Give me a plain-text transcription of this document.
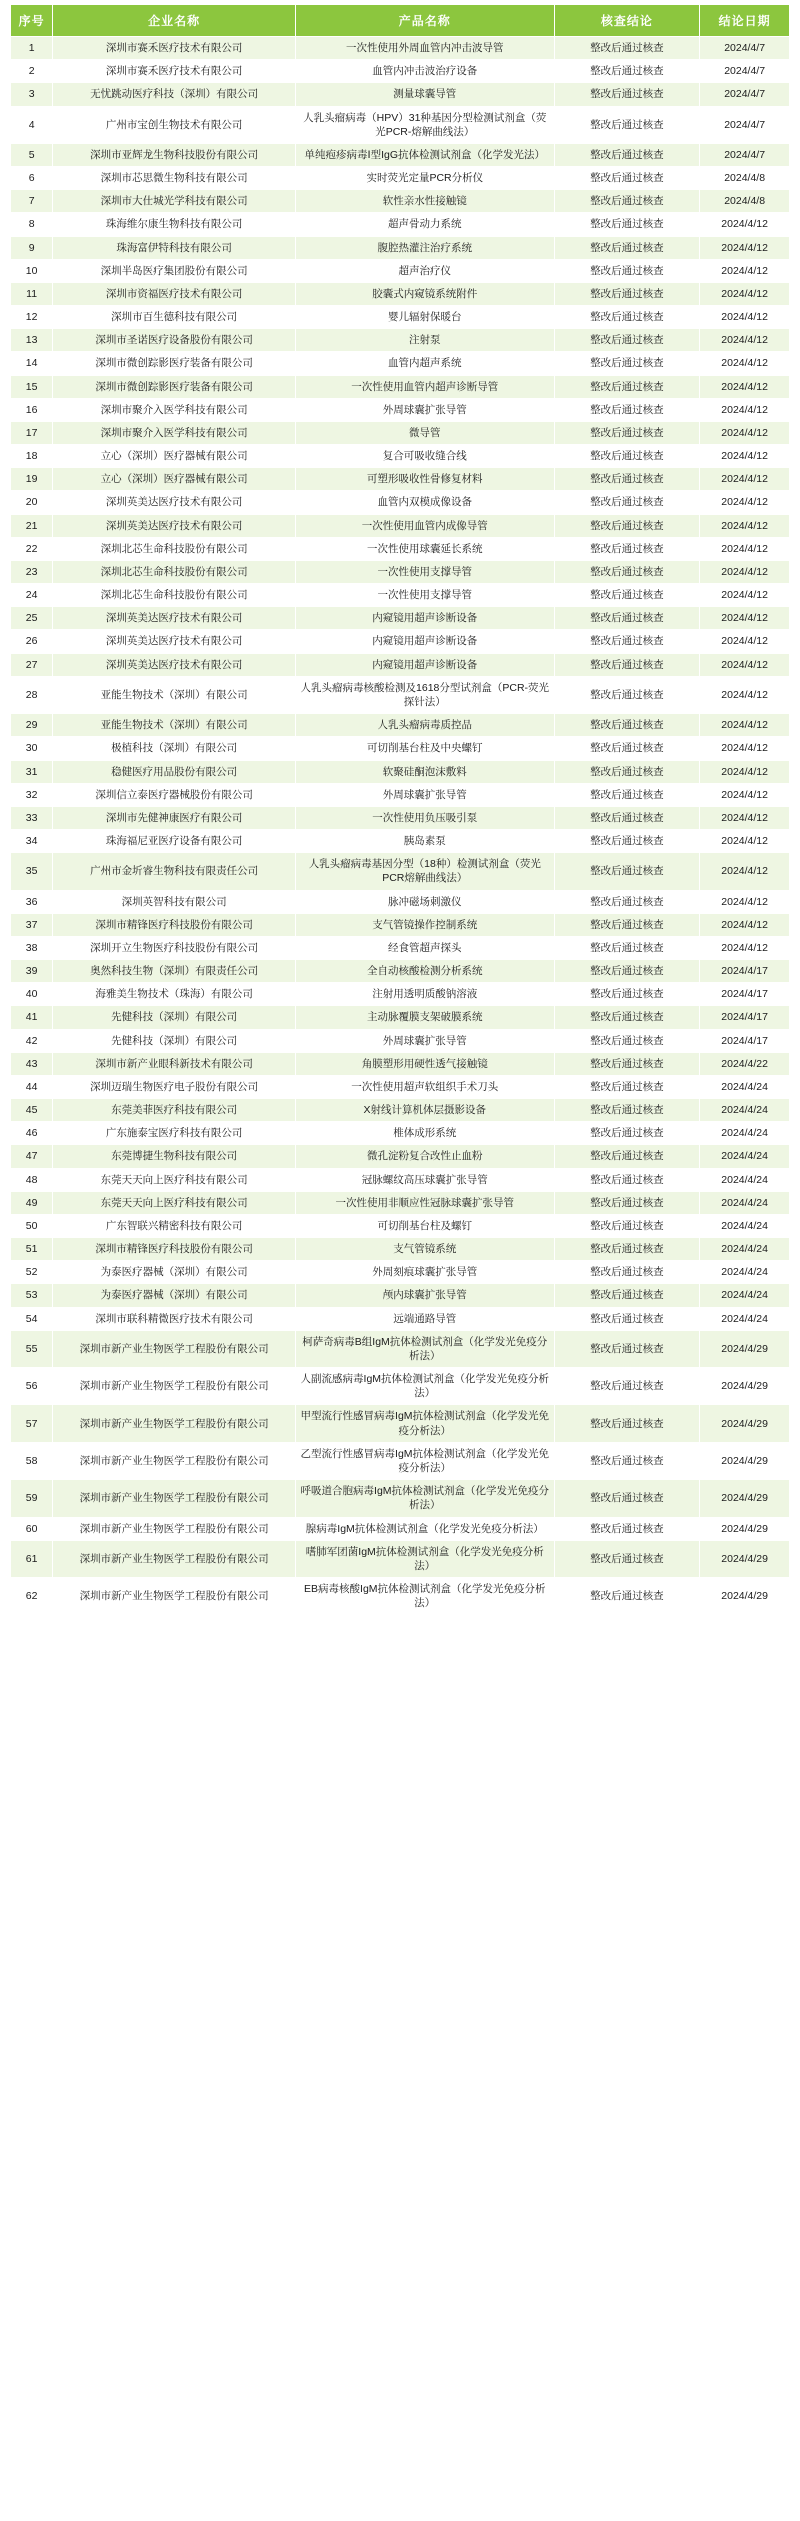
序号	企业名称	产品名称	核查结论	结论日期
1	深圳市赛禾医疗技术有限公司	一次性使用外周血管内冲击波导管	整改后通过核查	2024/4/7
2	深圳市赛禾医疗技术有限公司	血管内冲击波治疗设备	整改后通过核查	2024/4/7
3	无忧跳动医疗科技（深圳）有限公司	测量球囊导管	整改后通过核查	2024/4/7
4	广州市宝创生物技术有限公司	人乳头瘤病毒（HPV）31种基因分型检测试剂盒（荧光PCR-熔解曲线法）	整改后通过核查	2024/4/7
5	深圳市亚辉龙生物科技股份有限公司	单纯疱疹病毒Ⅰ型IgG抗体检测试剂盒（化学发光法）	整改后通过核查	2024/4/7
6	深圳市芯思微生物科技有限公司	实时荧光定量PCR分析仪	整改后通过核查	2024/4/8
7	深圳市大仕城光学科技有限公司	软性亲水性接触镜	整改后通过核查	2024/4/8
8	珠海维尔康生物科技有限公司	超声骨动力系统	整改后通过核查	2024/4/12
9	珠海富伊特科技有限公司	腹腔热灌注治疗系统	整改后通过核查	2024/4/12
10	深圳半岛医疗集团股份有限公司	超声治疗仪	整改后通过核查	2024/4/12
11	深圳市资福医疗技术有限公司	胶囊式内窥镜系统附件	整改后通过核查	2024/4/12
12	深圳市百生德科技有限公司	婴儿辐射保暖台	整改后通过核查	2024/4/12
13	深圳市圣诺医疗设备股份有限公司	注射泵	整改后通过核查	2024/4/12
14	深圳市微创踪影医疗装备有限公司	血管内超声系统	整改后通过核查	2024/4/12
15	深圳市微创踪影医疗装备有限公司	一次性使用血管内超声诊断导管	整改后通过核查	2024/4/12
16	深圳市聚介入医学科技有限公司	外周球囊扩张导管	整改后通过核查	2024/4/12
17	深圳市聚介入医学科技有限公司	微导管	整改后通过核查	2024/4/12
18	立心（深圳）医疗器械有限公司	复合可吸收缝合线	整改后通过核查	2024/4/12
19	立心（深圳）医疗器械有限公司	可塑形吸收性骨修复材料	整改后通过核查	2024/4/12
20	深圳英美达医疗技术有限公司	血管内双模成像设备	整改后通过核查	2024/4/12
21	深圳英美达医疗技术有限公司	一次性使用血管内成像导管	整改后通过核查	2024/4/12
22	深圳北芯生命科技股份有限公司	一次性使用球囊延长系统	整改后通过核查	2024/4/12
23	深圳北芯生命科技股份有限公司	一次性使用支撑导管	整改后通过核查	2024/4/12
24	深圳北芯生命科技股份有限公司	一次性使用支撑导管	整改后通过核查	2024/4/12
25	深圳英美达医疗技术有限公司	内窥镜用超声诊断设备	整改后通过核查	2024/4/12
26	深圳英美达医疗技术有限公司	内窥镜用超声诊断设备	整改后通过核查	2024/4/12
27	深圳英美达医疗技术有限公司	内窥镜用超声诊断设备	整改后通过核查	2024/4/12
28	亚能生物技术（深圳）有限公司	人乳头瘤病毒核酸检测及1618分型试剂盒（PCR-荧光探针法）	整改后通过核查	2024/4/12
29	亚能生物技术（深圳）有限公司	人乳头瘤病毒质控品	整改后通过核查	2024/4/12
30	极植科技（深圳）有限公司	可切削基台柱及中央螺钉	整改后通过核查	2024/4/12
31	稳健医疗用品股份有限公司	软聚硅酮泡沫敷料	整改后通过核查	2024/4/12
32	深圳信立泰医疗器械股份有限公司	外周球囊扩张导管	整改后通过核查	2024/4/12
33	深圳市先健神康医疗有限公司	一次性使用负压吸引泵	整改后通过核查	2024/4/12
34	珠海福尼亚医疗设备有限公司	胰岛素泵	整改后通过核查	2024/4/12
35	广州市金圻睿生物科技有限责任公司	人乳头瘤病毒基因分型（18种）检测试剂盒（荧光PCR熔解曲线法）	整改后通过核查	2024/4/12
36	深圳英智科技有限公司	脉冲磁场刺激仪	整改后通过核查	2024/4/12
37	深圳市精锋医疗科技股份有限公司	支气管镜操作控制系统	整改后通过核查	2024/4/12
38	深圳开立生物医疗科技股份有限公司	经食管超声探头	整改后通过核查	2024/4/12
39	奥然科技生物（深圳）有限责任公司	全自动核酸检测分析系统	整改后通过核查	2024/4/17
40	海雅美生物技术（珠海）有限公司	注射用透明质酸钠溶液	整改后通过核查	2024/4/17
41	先健科技（深圳）有限公司	主动脉覆膜支架破膜系统	整改后通过核查	2024/4/17
42	先健科技（深圳）有限公司	外周球囊扩张导管	整改后通过核查	2024/4/17
43	深圳市新产业眼科新技术有限公司	角膜塑形用硬性透气接触镜	整改后通过核查	2024/4/22
44	深圳迈瑞生物医疗电子股份有限公司	一次性使用超声软组织手术刀头	整改后通过核查	2024/4/24
45	东莞美菲医疗科技有限公司	X射线计算机体层摄影设备	整改后通过核查	2024/4/24
46	广东施泰宝医疗科技有限公司	椎体成形系统	整改后通过核查	2024/4/24
47	东莞博捷生物科技有限公司	微孔淀粉复合改性止血粉	整改后通过核查	2024/4/24
48	东莞天天向上医疗科技有限公司	冠脉螺纹高压球囊扩张导管	整改后通过核查	2024/4/24
49	东莞天天向上医疗科技有限公司	一次性使用非顺应性冠脉球囊扩张导管	整改后通过核查	2024/4/24
50	广东智联兴精密科技有限公司	可切削基台柱及螺钉	整改后通过核查	2024/4/24
51	深圳市精锋医疗科技股份有限公司	支气管镜系统	整改后通过核查	2024/4/24
52	为泰医疗器械（深圳）有限公司	外周刻痕球囊扩张导管	整改后通过核查	2024/4/24
53	为泰医疗器械（深圳）有限公司	颅内球囊扩张导管	整改后通过核查	2024/4/24
54	深圳市联科精微医疗技术有限公司	远端通路导管	整改后通过核查	2024/4/24
55	深圳市新产业生物医学工程股份有限公司	柯萨奇病毒B组IgM抗体检测试剂盒（化学发光免疫分析法）	整改后通过核查	2024/4/29
56	深圳市新产业生物医学工程股份有限公司	人副流感病毒IgM抗体检测试剂盒（化学发光免疫分析法）	整改后通过核查	2024/4/29
57	深圳市新产业生物医学工程股份有限公司	甲型流行性感冒病毒IgM抗体检测试剂盒（化学发光免疫分析法）	整改后通过核查	2024/4/29
58	深圳市新产业生物医学工程股份有限公司	乙型流行性感冒病毒IgM抗体检测试剂盒（化学发光免疫分析法）	整改后通过核查	2024/4/29
59	深圳市新产业生物医学工程股份有限公司	呼吸道合胞病毒IgM抗体检测试剂盒（化学发光免疫分析法）	整改后通过核查	2024/4/29
60	深圳市新产业生物医学工程股份有限公司	腺病毒IgM抗体检测试剂盒（化学发光免疫分析法）	整改后通过核查	2024/4/29
61	深圳市新产业生物医学工程股份有限公司	嗜肺军团菌IgM抗体检测试剂盒（化学发光免疫分析法）	整改后通过核查	2024/4/29
62	深圳市新产业生物医学工程股份有限公司	EB病毒核酸IgM抗体检测试剂盒（化学发光免疫分析法）	整改后通过核查	2024/4/29
